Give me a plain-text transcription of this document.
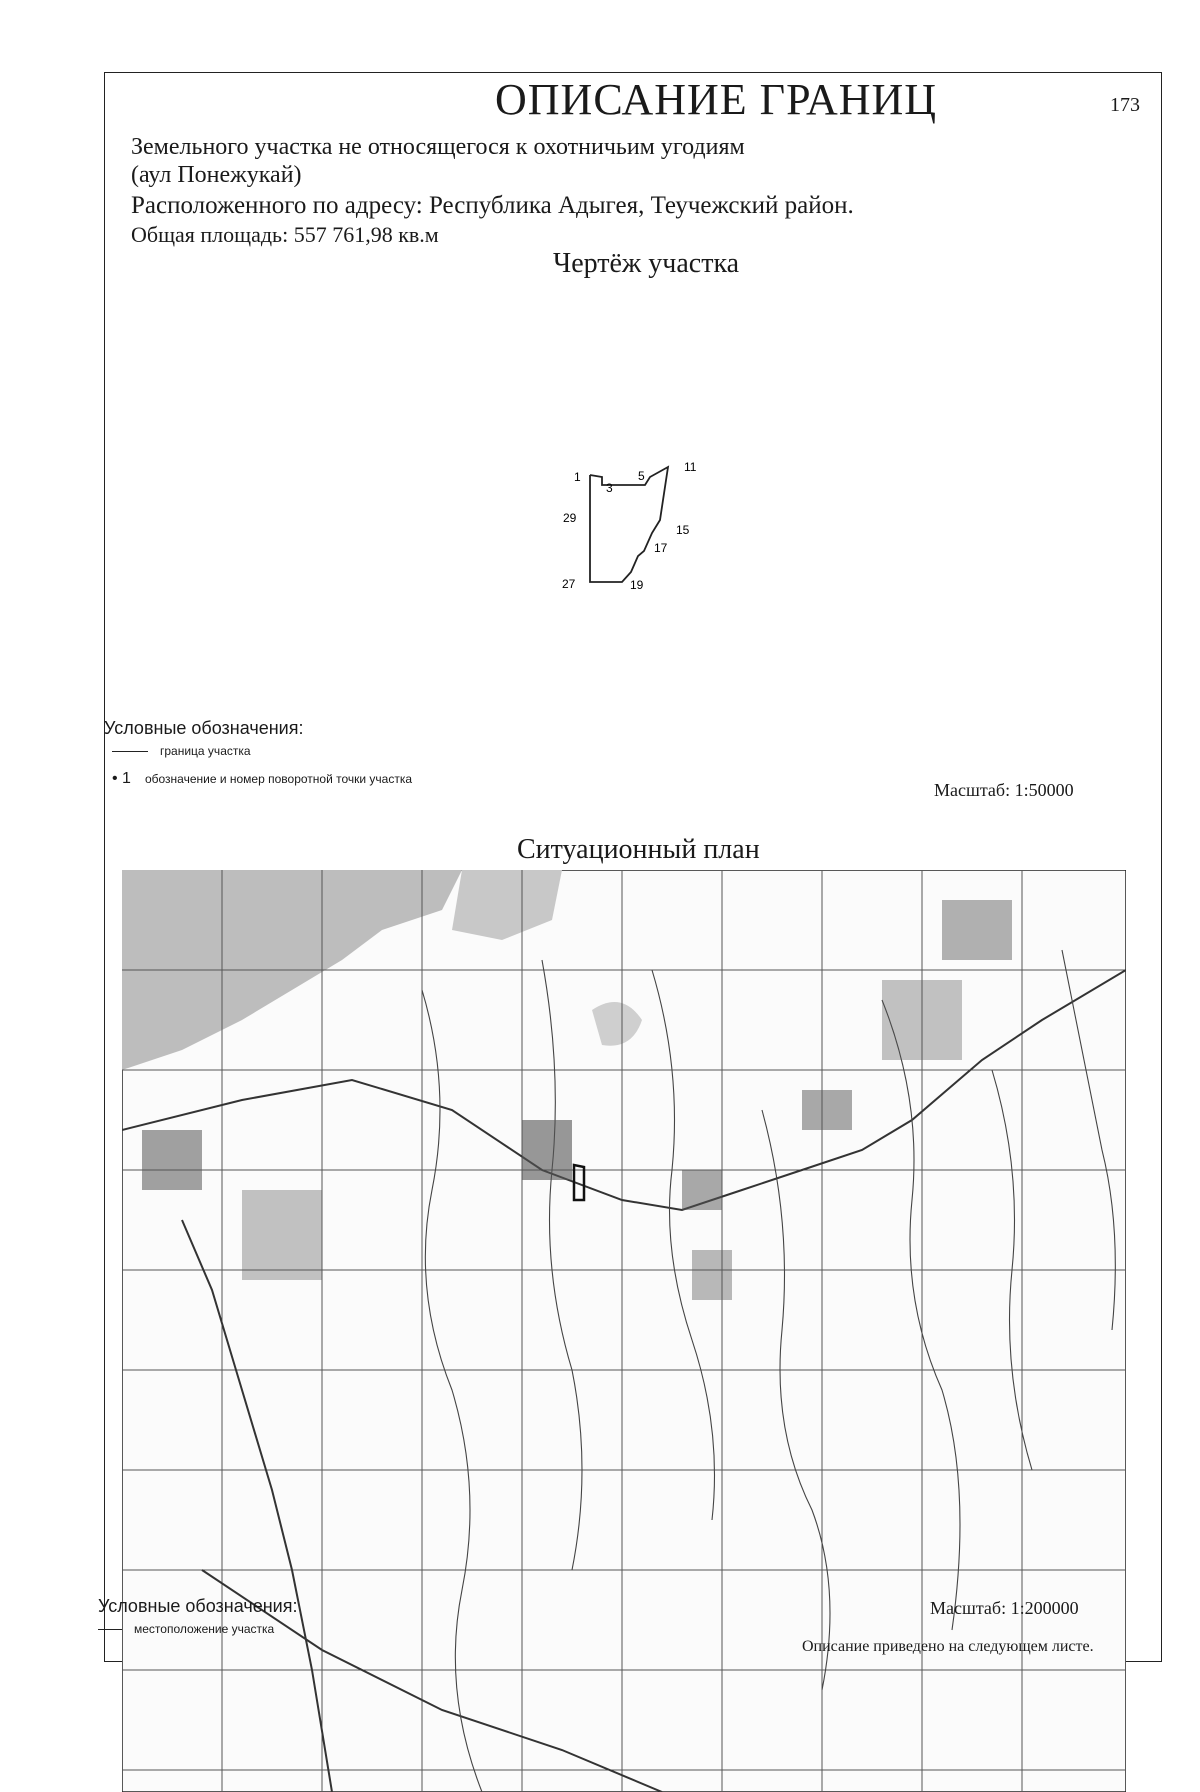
ОПИСАНИЕ ГРАНИЦ	173
Земельного участка не относящегося к охотничьим угодиям
(аул Понежукай)
Расположенного по адресу: Республика Адыгея, Теучежский район.
Общая площадь: 557 761,98 кв.м
Чертёж участка
1
3
5
11
29
15
17
27	19
Условные обозначения:
граница участка
• 1 обозначение и номер поворотной точки участка
Масштаб: 1:50000
Ситуационный план
Условные обозначения:
местоположение участка
Масштаб: 1:200000
Описание приведено на следующем листе.
